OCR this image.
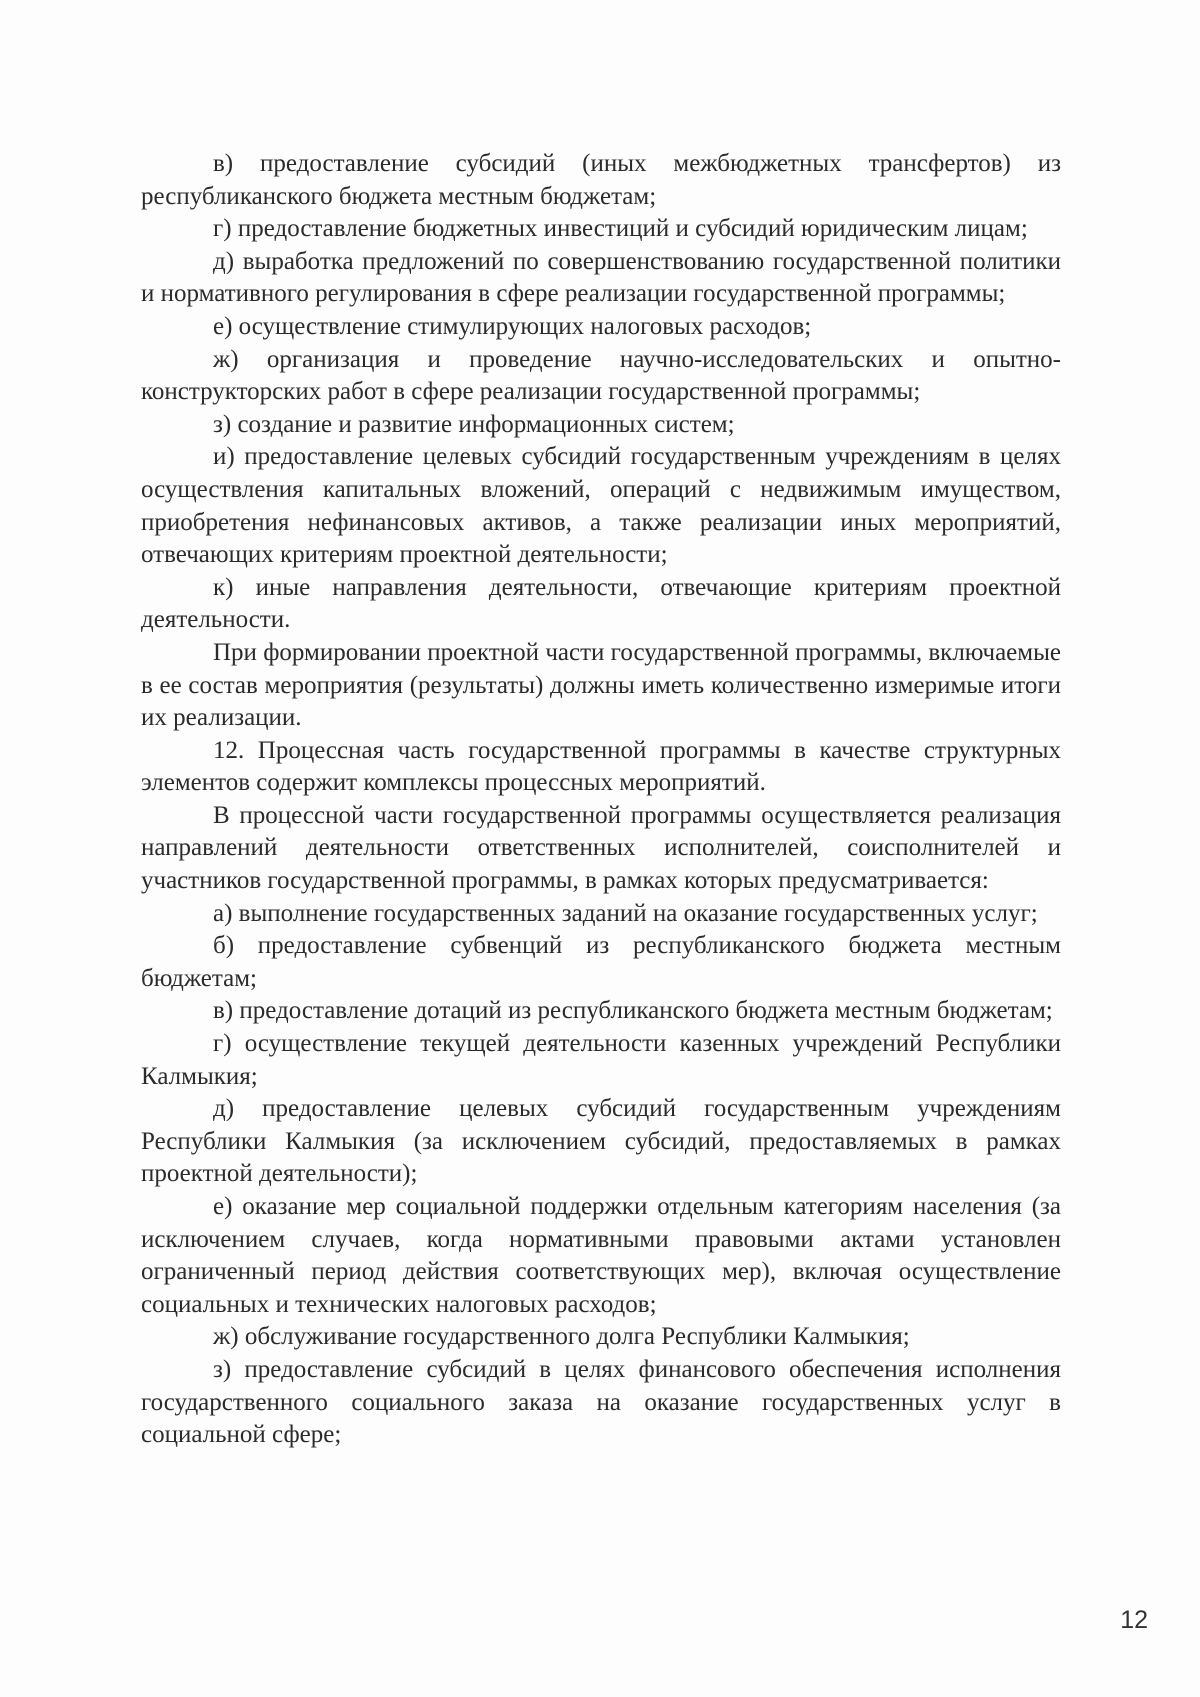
в) предоставление субсидий (иных межбюджетных трансфертов) из республиканского бюджета местным бюджетам;

г) предоставление бюджетных инвестиций и субсидий юридическим лицам;

д) выработка предложений по совершенствованию государственной политики и нормативного регулирования в сфере реализации государственной программы;

е) осуществление стимулирующих налоговых расходов;

ж) организация и проведение научно-исследовательских и опытно-конструкторских работ в сфере реализации государственной программы;

з) создание и развитие информационных систем;

и) предоставление целевых субсидий государственным учреждениям в целях осуществления капитальных вложений, операций с недвижимым имуществом, приобретения нефинансовых активов, а также реализации иных мероприятий, отвечающих критериям проектной деятельности;

к) иные направления деятельности, отвечающие критериям проектной деятельности.

При формировании проектной части государственной программы, включаемые в ее состав мероприятия (результаты) должны иметь количественно измеримые итоги их реализации.

12. Процессная часть государственной программы в качестве структурных элементов содержит комплексы процессных мероприятий.

В процессной части государственной программы осуществляется реализация направлений деятельности ответственных исполнителей, соисполнителей и участников государственной программы, в рамках которых предусматривается:

а) выполнение государственных заданий на оказание государственных услуг;

б) предоставление субвенций из республиканского бюджета местным бюджетам;

в) предоставление дотаций из республиканского бюджета местным бюджетам;

г) осуществление текущей деятельности казенных учреждений Республики Калмыкия;

д) предоставление целевых субсидий государственным учреждениям Республики Калмыкия (за исключением субсидий, предоставляемых в рамках проектной деятельности);

е) оказание мер социальной поддержки отдельным категориям населения (за исключением случаев, когда нормативными правовыми актами установлен ограниченный период действия соответствующих мер), включая осуществление социальных и технических налоговых расходов;

ж) обслуживание государственного долга Республики Калмыкия;

з) предоставление субсидий в целях финансового обеспечения исполнения государственного социального заказа на оказание государственных услуг в социальной сфере;

12
